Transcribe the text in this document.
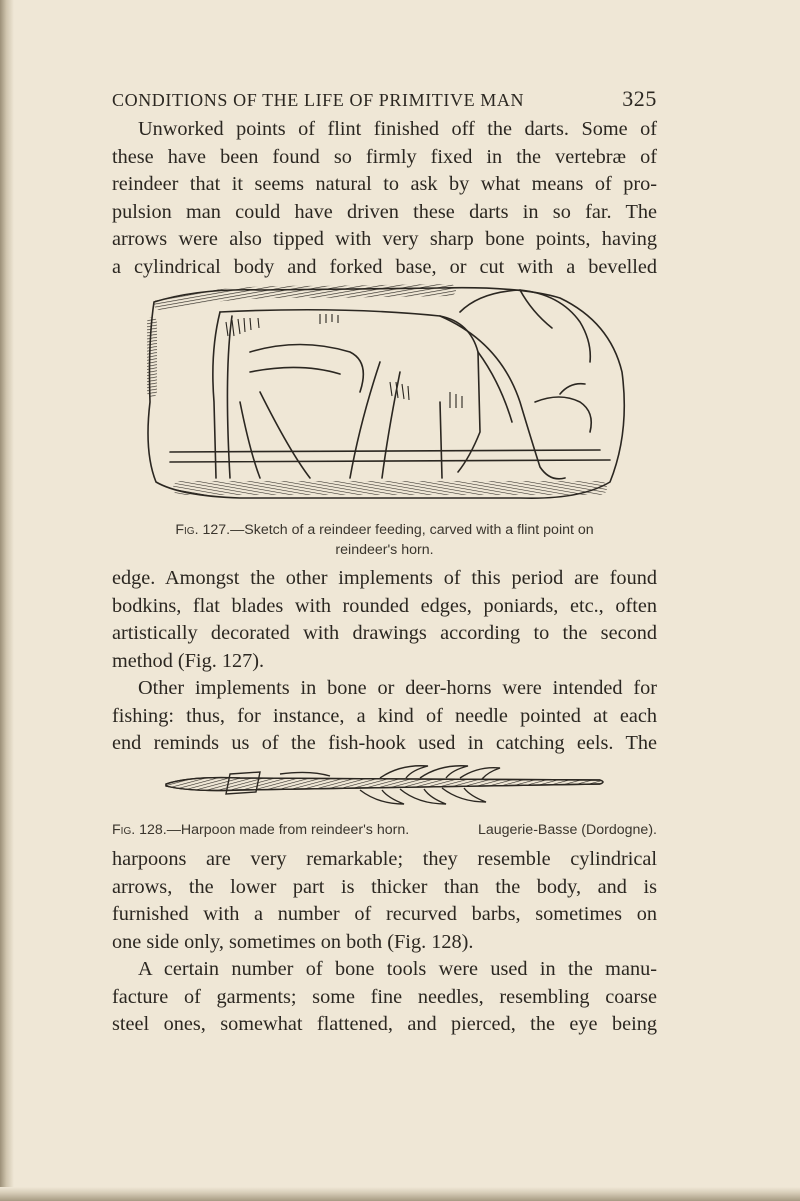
CONDITIONS OF THE LIFE OF PRIMITIVE MAN	325

Unworked points of flint finished off the darts. Some of
these have been found so firmly fixed in the vertebræ of
reindeer that it seems natural to ask by what means of pro-
pulsion man could have driven these darts in so far. The
arrows were also tipped with very sharp bone points, having
a cylindrical body and forked base, or cut with a bevelled

Fig. 127.—Sketch of a reindeer feeding, carved with a flint point on
reindeer's horn.

edge. Amongst the other implements of this period are found
bodkins, flat blades with rounded edges, poniards, etc., often
artistically decorated with drawings according to the second
method (Fig. 127).

Other implements in bone or deer-horns were intended for
fishing: thus, for instance, a kind of needle pointed at each
end reminds us of the fish-hook used in catching eels. The

Fig. 128.—Harpoon made from reindeer's horn.	Laugerie-Basse (Dordogne).

harpoons are very remarkable; they resemble cylindrical
arrows, the lower part is thicker than the body, and is
furnished with a number of recurved barbs, sometimes on
one side only, sometimes on both (Fig. 128).

A certain number of bone tools were used in the manu-
facture of garments; some fine needles, resembling coarse
steel ones, somewhat flattened, and pierced, the eye being
